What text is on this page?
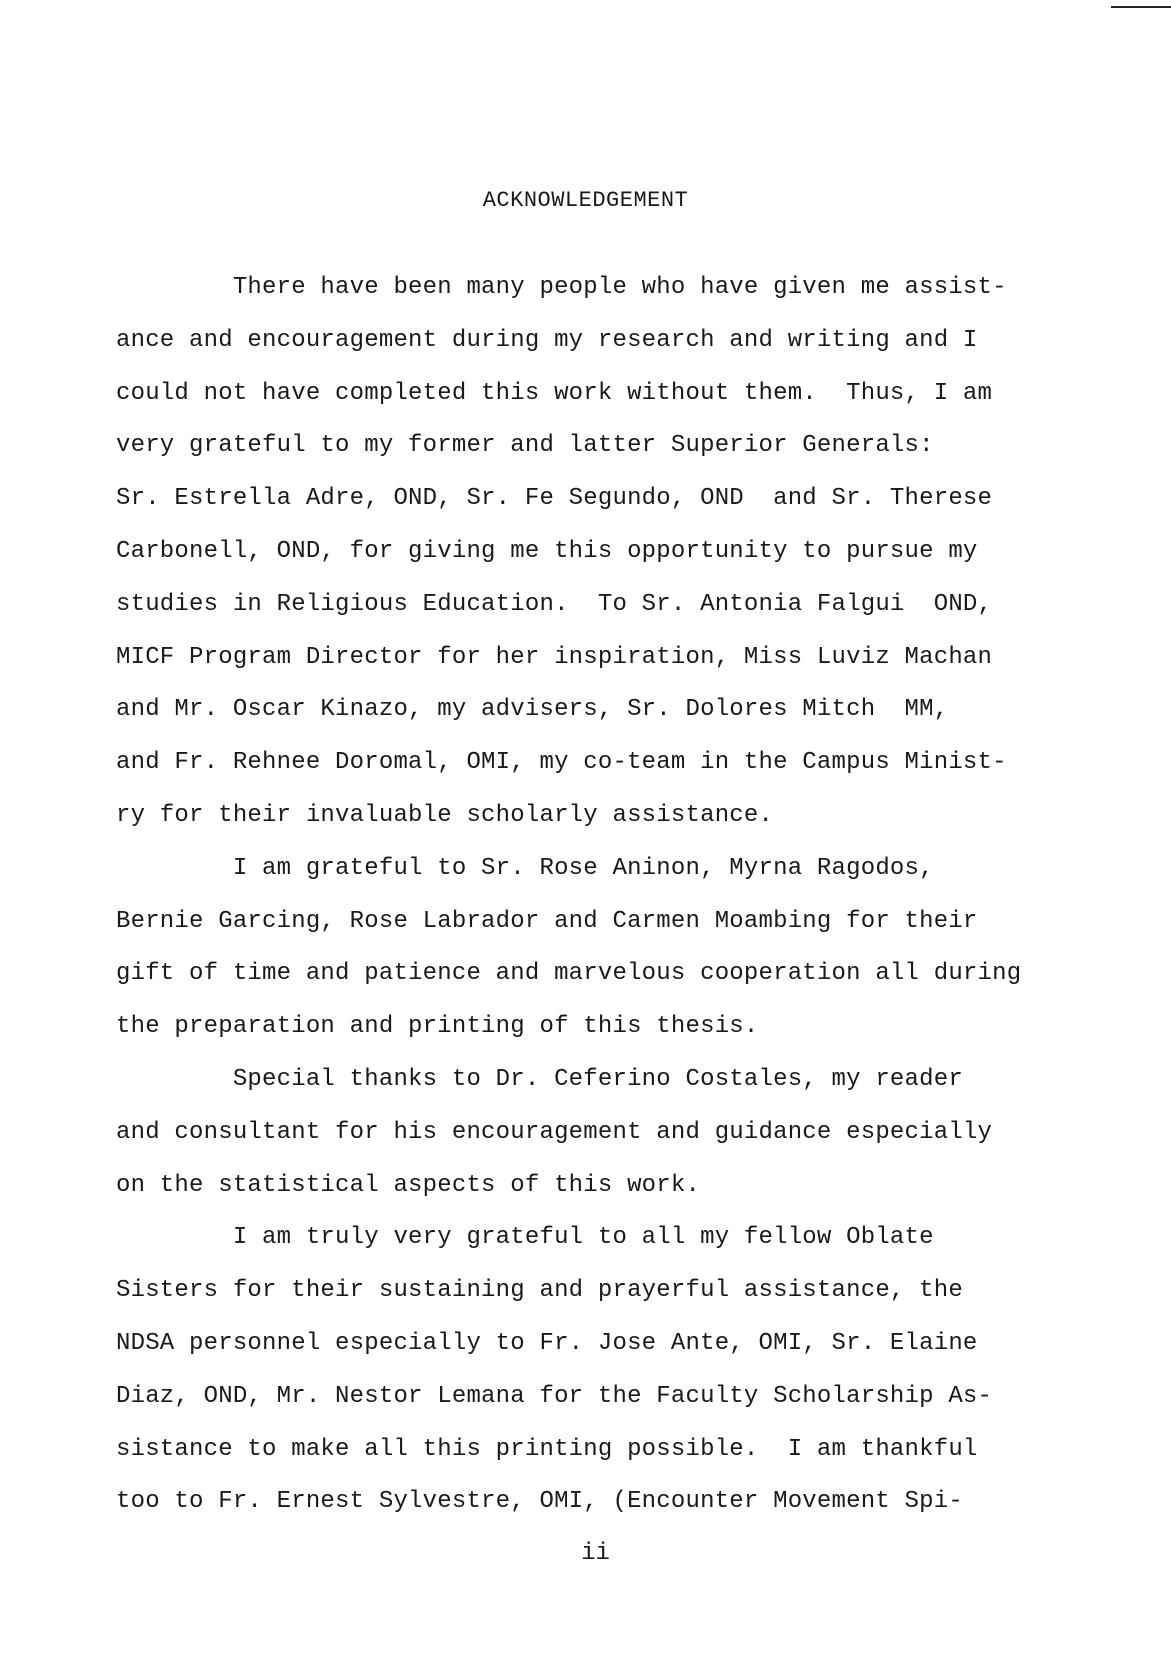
ACKNOWLEDGEMENT
There have been many people who have given me assist-
ance and encouragement during my research and writing and I
could not have completed this work without them.  Thus, I am
very grateful to my former and latter Superior Generals:
Sr. Estrella Adre, OND, Sr. Fe Segundo, OND  and Sr. Therese
Carbonell, OND, for giving me this opportunity to pursue my
studies in Religious Education.  To Sr. Antonia Falgui  OND,
MICF Program Director for her inspiration, Miss Luviz Machan
and Mr. Oscar Kinazo, my advisers, Sr. Dolores Mitch  MM,
and Fr. Rehnee Doromal, OMI, my co-team in the Campus Minist-
ry for their invaluable scholarly assistance.
I am grateful to Sr. Rose Aninon, Myrna Ragodos,
Bernie Garcing, Rose Labrador and Carmen Moambing for their
gift of time and patience and marvelous cooperation all during
the preparation and printing of this thesis.
Special thanks to Dr. Ceferino Costales, my reader
and consultant for his encouragement and guidance especially
on the statistical aspects of this work.
I am truly very grateful to all my fellow Oblate
Sisters for their sustaining and prayerful assistance, the
NDSA personnel especially to Fr. Jose Ante, OMI, Sr. Elaine
Diaz, OND, Mr. Nestor Lemana for the Faculty Scholarship As-
sistance to make all this printing possible.  I am thankful
too to Fr. Ernest Sylvestre, OMI, (Encounter Movement Spi-
ii
